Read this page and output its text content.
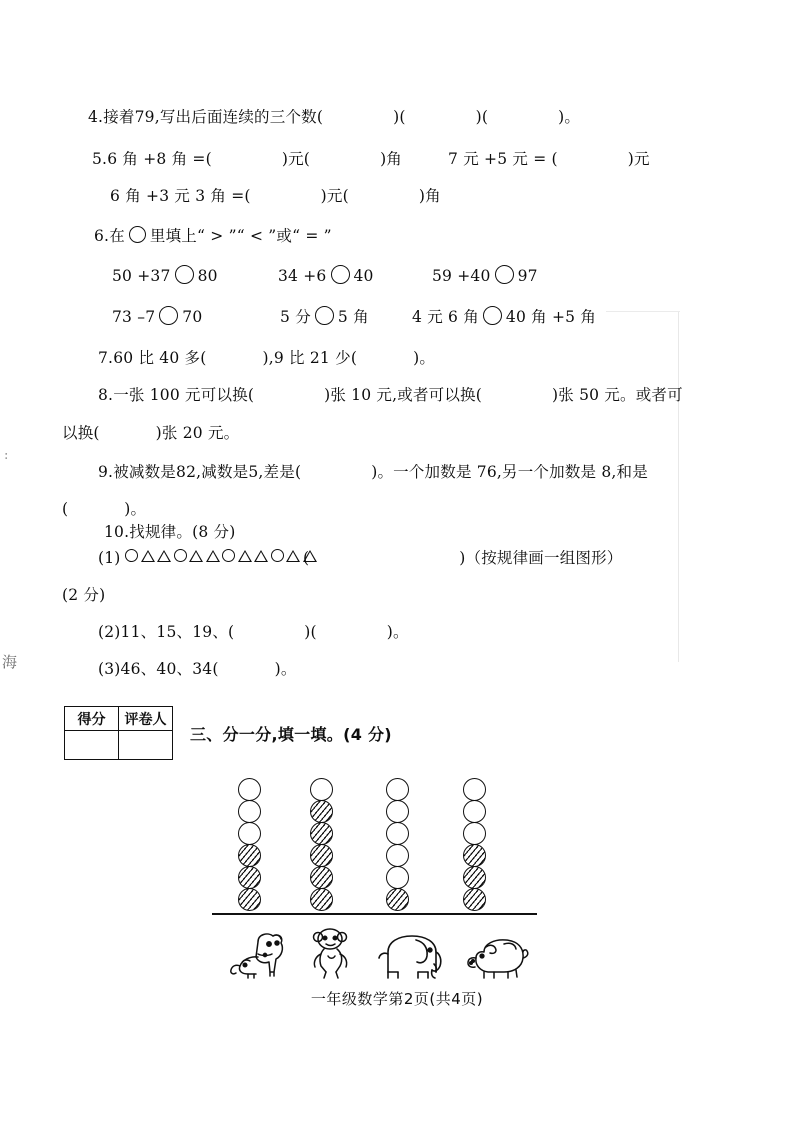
:
海
4.接着79,写出后面连续的三个数(	)(	)(	)。
5.6 角 +8 角 =(	)元(	)角	7 元 +5 元 = (	)元
6 角 +3 元 3 角 =(	)元(	)角
6.在 里填上“ > ”“ < ”或“ = ”
50 +37 80	34 +6 40	59 +40 97
73 –7 70	5 分 5 角	4 元 6 角 40 角 +5 角
7.60 比 40 多(	),9 比 21 少(	)。
8.一张 100 元可以换(	)张 10 元,或者可以换(	)张 50 元。或者可
以换(	)张 20 元。
9.被减数是82,减数是5,差是(	)。一个加数是 76,另一个加数是 8,和是
(	)。
10.找规律。(8 分)
(1)	(	)（按规律画一组图形）
(2 分)
(2)11、15、19、(	)(	)。
(3)46、40、34(	)。
得分	评卷人

三、分一分,填一填。(4 分)
一年级数学第2页(共4页)
